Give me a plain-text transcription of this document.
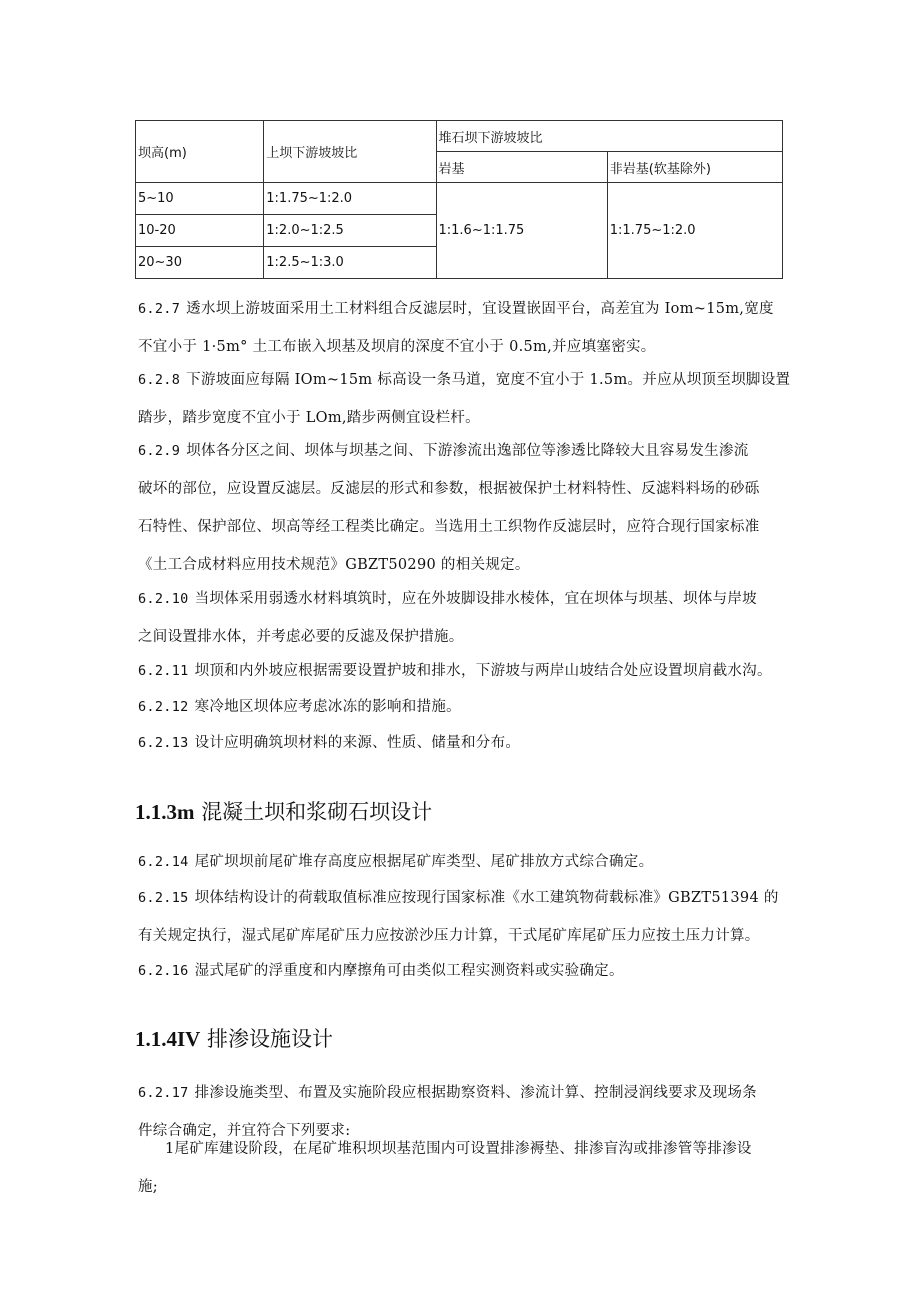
坝高(m)	上坝下游坡坡比	堆石坝下游坡坡比	
		岩基	非岩基(软基除外)
5~10	1:1.75~1:2.0	1:1.6~1:1.75	1:1.75~1:2.0
10-20	1:2.0~1:2.5		
20~30	1:2.5~1:3.0		
6.2.7 透水坝上游坡面采用土工材料组合反滤层时，宜设置嵌固平台，高差宜为 Iom~15m,宽度
不宜小于 1·5m° 土工布嵌入坝基及坝肩的深度不宜小于 0.5m,并应填塞密实。
6.2.8 下游坡面应每隔 IOm~15m 标高设一条马道，宽度不宜小于 1.5m。并应从坝顶至坝脚设置
踏步，踏步宽度不宜小于 LOm,踏步两侧宜设栏杆。
6.2.9 坝体各分区之间、坝体与坝基之间、下游渗流出逸部位等渗透比降较大且容易发生渗流
破坏的部位，应设置反滤层。反滤层的形式和参数，根据被保护土材料特性、反滤料料场的砂砾
石特性、保护部位、坝高等经工程类比确定。当选用土工织物作反滤层时，应符合现行国家标准
《土工合成材料应用技术规范》GBZT50290 的相关规定。
6.2.10 当坝体采用弱透水材料填筑时，应在外坡脚设排水棱体，宜在坝体与坝基、坝体与岸坡
之间设置排水体，并考虑必要的反滤及保护措施。
6.2.11 坝顶和内外坡应根据需要设置护坡和排水，下游坡与两岸山坡结合处应设置坝肩截水沟。
6.2.12 寒冷地区坝体应考虑冰冻的影响和措施。
6.2.13 设计应明确筑坝材料的来源、性质、储量和分布。
1.1.3m 混凝土坝和浆砌石坝设计
6.2.14 尾矿坝坝前尾矿堆存高度应根据尾矿库类型、尾矿排放方式综合确定。
6.2.15 坝体结构设计的荷载取值标准应按现行国家标准《水工建筑物荷载标准》GBZT51394 的
有关规定执行，湿式尾矿库尾矿压力应按淤沙压力计算，干式尾矿库尾矿压力应按土压力计算。
6.2.16 湿式尾矿的浮重度和内摩擦角可由类似工程实测资料或实验确定。
1.1.4IV 排渗设施设计
6.2.17 排渗设施类型、布置及实施阶段应根据勘察资料、渗流计算、控制浸润线要求及现场条
件综合确定，并宜符合下列要求:
1尾矿库建设阶段，在尾矿堆积坝坝基范围内可设置排渗褥垫、排渗盲沟或排渗管等排渗设
施;
